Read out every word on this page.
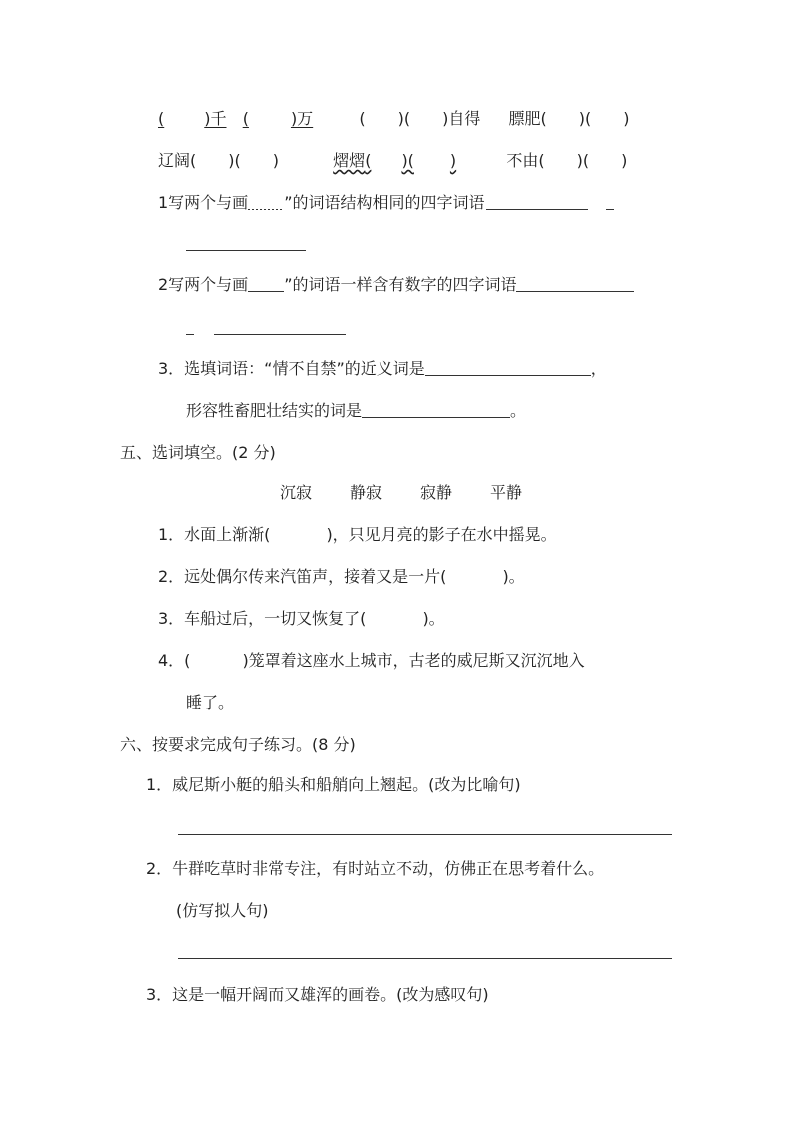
(	)千 (	)万	( )( )自得 膘肥( )( )
辽阔( )( )	熠熠( )( )	不由( )( )
1写两个与画 ”的词语结构相同的四字词语
2写两个与画 ”的词语一样含有数字的四字词语
3．选填词语：“情不自禁”的近义词是	，
形容牲畜肥壮结实的词是	。
五、选词填空。(2 分)
沉寂 静寂 寂静 平静
1．水面上渐渐(	)，只见月亮的影子在水中摇晃。
2．远处偶尔传来汽笛声，接着又是一片(	)。
3．车船过后，一切又恢复了(	)。
4．(	)笼罩着这座水上城市，古老的威尼斯又沉沉地入
睡了。
六、按要求完成句子练习。(8 分)
1．威尼斯小艇的船头和船艄向上翘起。(改为比喻句)
2．牛群吃草时非常专注，有时站立不动，仿佛正在思考着什么。
(仿写拟人句)
3．这是一幅开阔而又雄浑的画卷。(改为感叹句)
